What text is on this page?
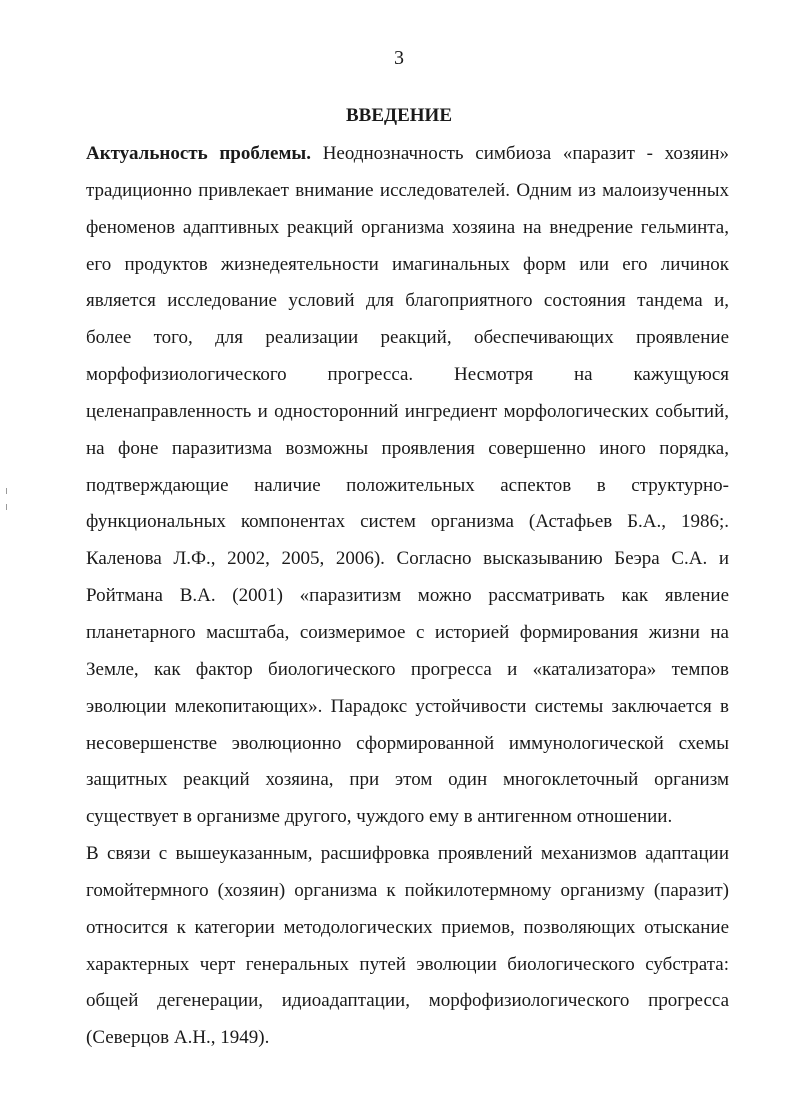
3
ВВЕДЕНИЕ
Актуальность проблемы. Неоднозначность симбиоза «паразит - хозяин»
традиционно привлекает внимание исследователей. Одним из малоизученных
феноменов адаптивных реакций организма хозяина на внедрение гельминта,
его продуктов жизнедеятельности имагинальных форм или его личинок
является исследование условий для благоприятного состояния тандема и,
более того, для реализации реакций, обеспечивающих проявление
морфофизиологического прогресса. Несмотря на кажущуюся
целенаправленность и односторонний ингредиент морфологических событий,
на фоне паразитизма возможны проявления совершенно иного порядка,
подтверждающие наличие положительных аспектов в структурно-
функциональных компонентах систем организма (Астафьев Б.А., 1986;.
Каленова Л.Ф., 2002, 2005, 2006). Согласно высказыванию Беэра С.А. и
Ройтмана В.А. (2001) «паразитизм можно рассматривать как явление
планетарного масштаба, соизмеримое с историей формирования жизни на
Земле, как фактор биологического прогресса и «катализатора» темпов
эволюции млекопитающих». Парадокс устойчивости системы заключается в
несовершенстве эволюционно сформированной иммунологической схемы
защитных реакций хозяина, при этом один многоклеточный организм
существует в организме другого, чуждого ему в антигенном отношении.
В связи с вышеуказанным, расшифровка проявлений механизмов адаптации
гомойтермного (хозяин) организма к пойкилотермному организму (паразит)
относится к категории методологических приемов, позволяющих отыскание
характерных черт генеральных путей эволюции биологического субстрата:
общей дегенерации, идиоадаптации, морфофизиологического прогресса
(Северцов А.Н., 1949).
